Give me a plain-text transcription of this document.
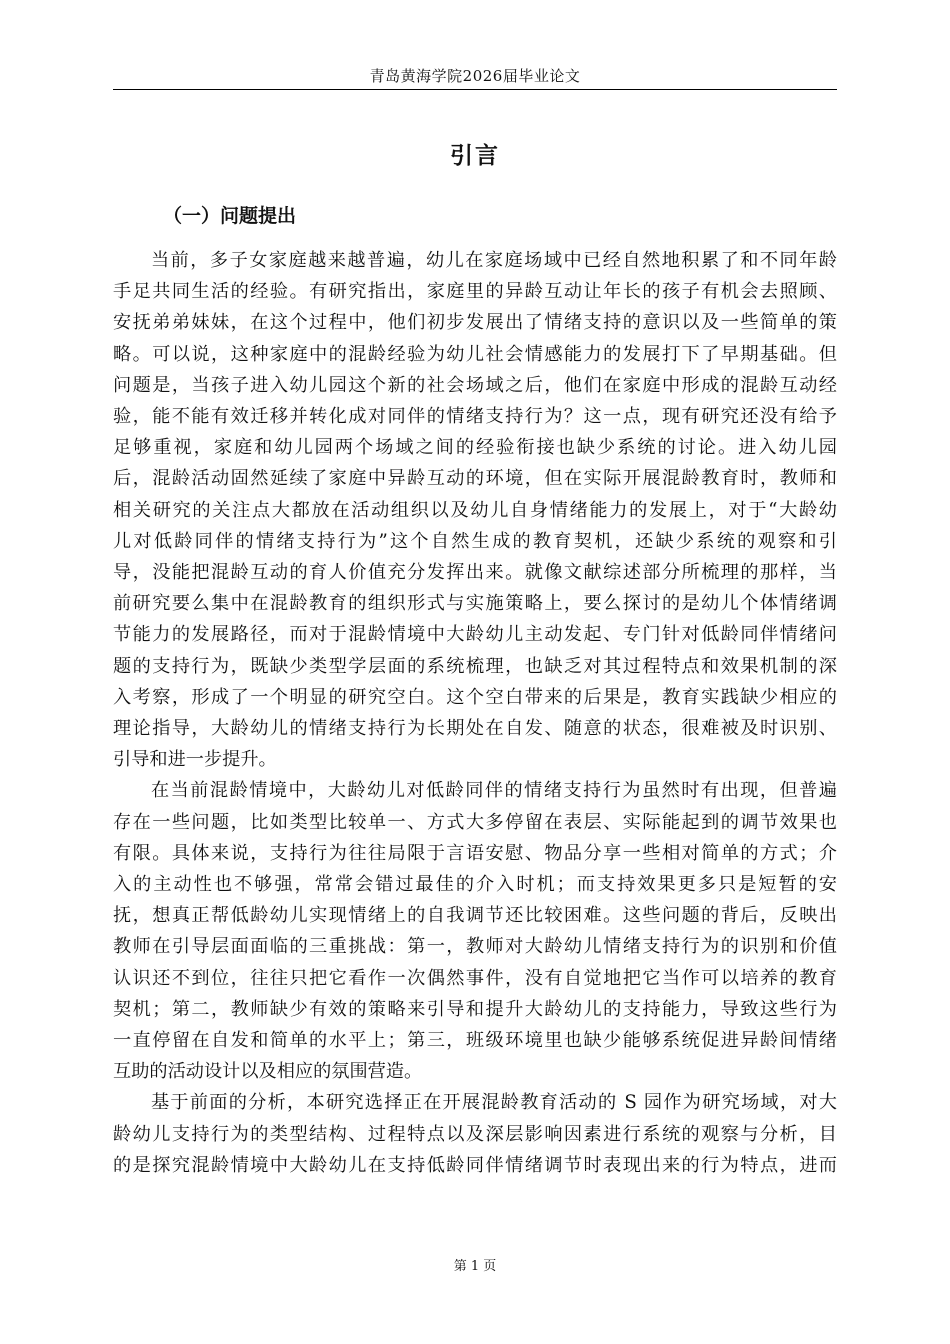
青岛黄海学院2026届毕业论文
引言
（一）问题提出

当前，多子女家庭越来越普遍，幼儿在家庭场域中已经自然地积累了和不同年龄
手足共同生活的经验。有研究指出，家庭里的异龄互动让年长的孩子有机会去照顾、
安抚弟弟妹妹，在这个过程中，他们初步发展出了情绪支持的意识以及一些简单的策
略。可以说，这种家庭中的混龄经验为幼儿社会情感能力的发展打下了早期基础。但
问题是，当孩子进入幼儿园这个新的社会场域之后，他们在家庭中形成的混龄互动经
验，能不能有效迁移并转化成对同伴的情绪支持行为？这一点，现有研究还没有给予
足够重视，家庭和幼儿园两个场域之间的经验衔接也缺少系统的讨论。进入幼儿园
后，混龄活动固然延续了家庭中异龄互动的环境，但在实际开展混龄教育时，教师和
相关研究的关注点大都放在活动组织以及幼儿自身情绪能力的发展上，对于“大龄幼
儿对低龄同伴的情绪支持行为”这个自然生成的教育契机，还缺少系统的观察和引
导，没能把混龄互动的育人价值充分发挥出来。就像文献综述部分所梳理的那样，当
前研究要么集中在混龄教育的组织形式与实施策略上，要么探讨的是幼儿个体情绪调
节能力的发展路径，而对于混龄情境中大龄幼儿主动发起、专门针对低龄同伴情绪问
题的支持行为，既缺少类型学层面的系统梳理，也缺乏对其过程特点和效果机制的深
入考察，形成了一个明显的研究空白。这个空白带来的后果是，教育实践缺少相应的
理论指导，大龄幼儿的情绪支持行为长期处在自发、随意的状态，很难被及时识别、
引导和进一步提升。

在当前混龄情境中，大龄幼儿对低龄同伴的情绪支持行为虽然时有出现，但普遍
存在一些问题，比如类型比较单一、方式大多停留在表层、实际能起到的调节效果也
有限。具体来说，支持行为往往局限于言语安慰、物品分享一些相对简单的方式；介
入的主动性也不够强，常常会错过最佳的介入时机；而支持效果更多只是短暂的安
抚，想真正帮低龄幼儿实现情绪上的自我调节还比较困难。这些问题的背后，反映出
教师在引导层面面临的三重挑战：第一，教师对大龄幼儿情绪支持行为的识别和价值
认识还不到位，往往只把它看作一次偶然事件，没有自觉地把它当作可以培养的教育
契机；第二，教师缺少有效的策略来引导和提升大龄幼儿的支持能力，导致这些行为
一直停留在自发和简单的水平上；第三，班级环境里也缺少能够系统促进异龄间情绪
互助的活动设计以及相应的氛围营造。

基于前面的分析，本研究选择正在开展混龄教育活动的 S 园作为研究场域，对大
龄幼儿支持行为的类型结构、过程特点以及深层影响因素进行系统的观察与分析，目
的是探究混龄情境中大龄幼儿在支持低龄同伴情绪调节时表现出来的行为特点，进而

第 1 页
